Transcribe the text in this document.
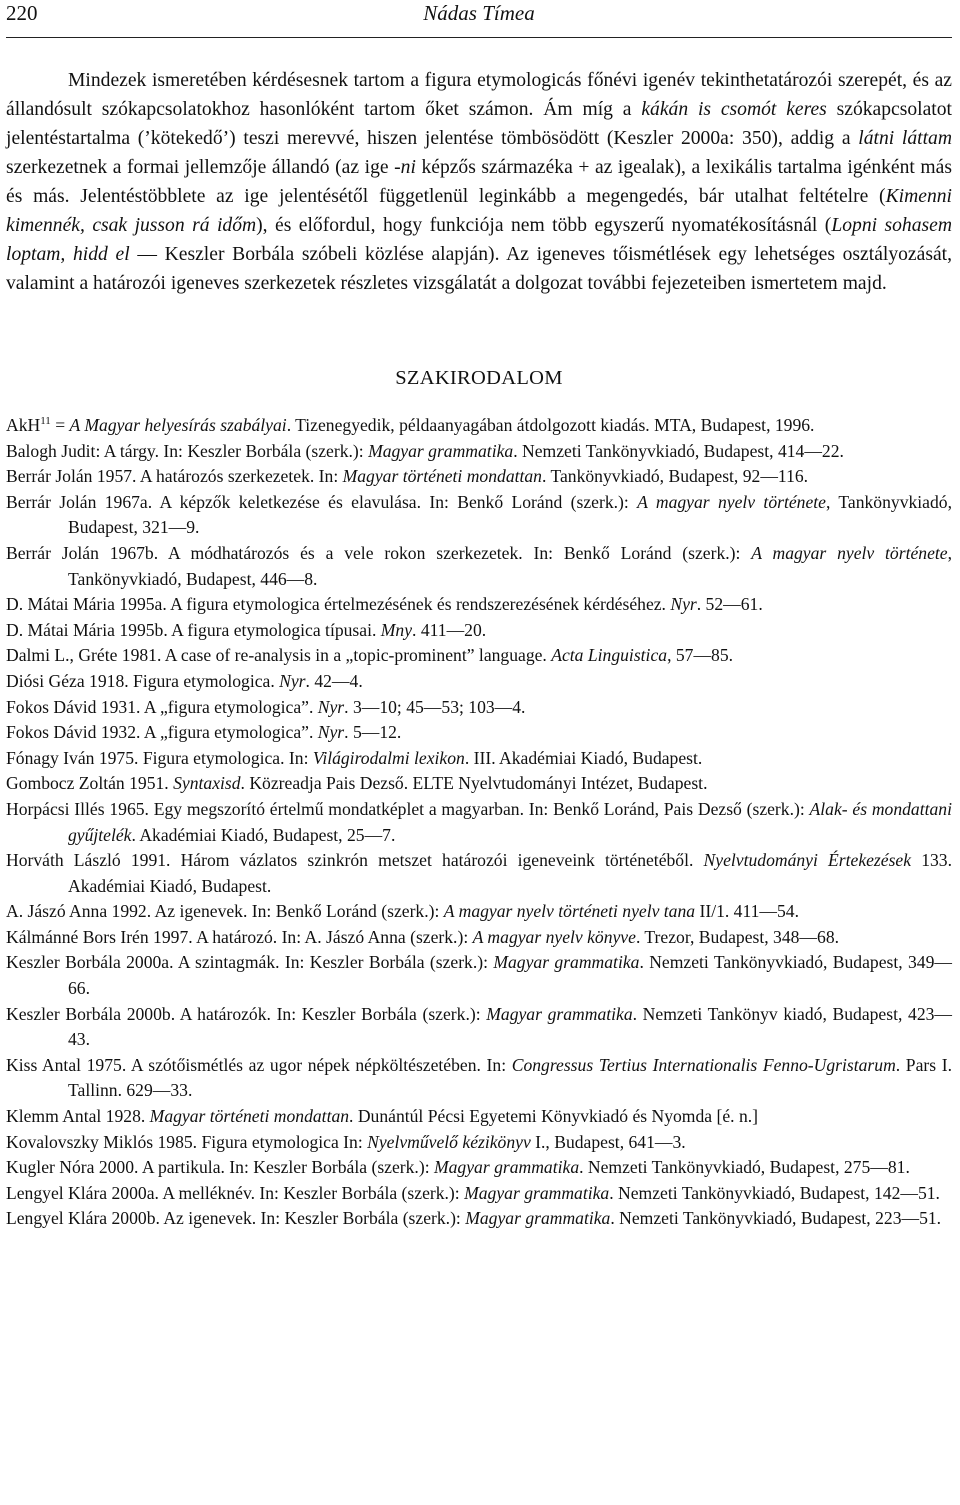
220	Nádas Tímea

Mindezek ismeretében kérdésesnek tartom a figura etymologicás főnévi igenév tekinthetatározói szerepét, és az állandósult szókapcsolatokhoz hasonlóként tartom őket számon. Ám míg a kákán is csomót keres szókapcsolatot jelentéstartalma (’kötekedő’) teszi merevvé, hiszen jelentése tömbösödött (Keszler 2000a: 350), addig a látni láttam szerkezetnek a formai jellemzője állandó (az ige -ni képzős származéka + az igealak), a lexikális tartalma igénként más és más. Jelentéstöbblete az ige jelentésétől függetlenül leginkább a megengedés, bár utalhat feltételre (Kimenni kimennék, csak jusson rá időm), és előfordul, hogy funkciója nem több egyszerű nyomatékosításnál (Lopni sohasem loptam, hidd el — Keszler Borbála szóbeli közlése alapján). Az igeneves tőismétlések egy lehetséges osztályozását, valamint a határozói igeneves szerkezetek részletes vizsgálatát a dolgozat további fejezeteiben ismertetem majd.

SZAKIRODALOM

AkH$^{11}$ = A Magyar helyesírás szabályai. Tizenegyedik, példaanyagában átdolgozott kiadás. MTA, Budapest, 1996.

Balogh Judit: A tárgy. In: Keszler Borbála (szerk.): Magyar grammatika. Nemzeti Tankönyvkiadó, Budapest, 414—22.

Berrár Jolán 1957. A határozós szerkezetek. In: Magyar történeti mondattan. Tankönyvkiadó, Budapest, 92—116.

Berrár Jolán 1967a. A képzők keletkezése és elavulása. In: Benkő Loránd (szerk.): A magyar nyelv története, Tankönyvkiadó, Budapest, 321—9.

Berrár Jolán 1967b. A módhatározós és a vele rokon szerkezetek. In: Benkő Loránd (szerk.): A magyar nyelv története, Tankönyvkiadó, Budapest, 446—8.

D. Mátai Mária 1995a. A figura etymologica értelmezésének és rendszerezésének kérdéséhez. Nyr. 52—61.

D. Mátai Mária 1995b. A figura etymologica típusai. Mny. 411—20.

Dalmi L., Gréte 1981. A case of re-analysis in a „topic-prominent” language. Acta Linguistica, 57—85.

Diósi Géza 1918. Figura etymologica. Nyr. 42—4.

Fokos Dávid 1931. A „figura etymologica”. Nyr. 3—10; 45—53; 103—4.

Fokos Dávid 1932. A „figura etymologica”. Nyr. 5—12.

Fónagy Iván 1975. Figura etymologica. In: Világirodalmi lexikon. III. Akadémiai Kiadó, Budapest.

Gombocz Zoltán 1951. Syntaxisd. Közreadja Pais Dezső. ELTE Nyelvtudományi Intézet, Budapest.

Horpácsi Illés 1965. Egy megszorító értelmű mondatképlet a magyarban. In: Benkő Loránd, Pais Dezső (szerk.): Alak- és mondattani gyűjtelék. Akadémiai Kiadó, Budapest, 25—7.

Horváth László 1991. Három vázlatos szinkrón metszet határozói igeneveink történetéből. Nyelvtudományi Értekezések 133. Akadémiai Kiadó, Budapest.

A. Jászó Anna 1992. Az igenevek. In: Benkő Loránd (szerk.): A magyar nyelv történeti nyelv tana II/1. 411—54.

Kálmánné Bors Irén 1997. A határozó. In: A. Jászó Anna (szerk.): A magyar nyelv könyve. Trezor, Budapest, 348—68.

Keszler Borbála 2000a. A szintagmák. In: Keszler Borbála (szerk.): Magyar grammatika. Nemzeti Tankönyvkiadó, Budapest, 349—66.

Keszler Borbála 2000b. A határozók. In: Keszler Borbála (szerk.): Magyar grammatika. Nemzeti Tankönyv kiadó, Budapest, 423—43.

Kiss Antal 1975. A szótőismétlés az ugor népek népköltészetében. In: Congressus Tertius Internationalis Fenno-Ugristarum. Pars I. Tallinn. 629—33.

Klemm Antal 1928. Magyar történeti mondattan. Dunántúl Pécsi Egyetemi Könyvkiadó és Nyomda [é. n.]

Kovalovszky Miklós 1985. Figura etymologica In: Nyelvművelő kézikönyv I., Budapest, 641—3.

Kugler Nóra 2000. A partikula. In: Keszler Borbála (szerk.): Magyar grammatika. Nemzeti Tankönyvkiadó, Budapest, 275—81.

Lengyel Klára 2000a. A melléknév. In: Keszler Borbála (szerk.): Magyar grammatika. Nemzeti Tankönyvkiadó, Budapest, 142—51.

Lengyel Klára 2000b. Az igenevek. In: Keszler Borbála (szerk.): Magyar grammatika. Nemzeti Tankönyvkiadó, Budapest, 223—51.
